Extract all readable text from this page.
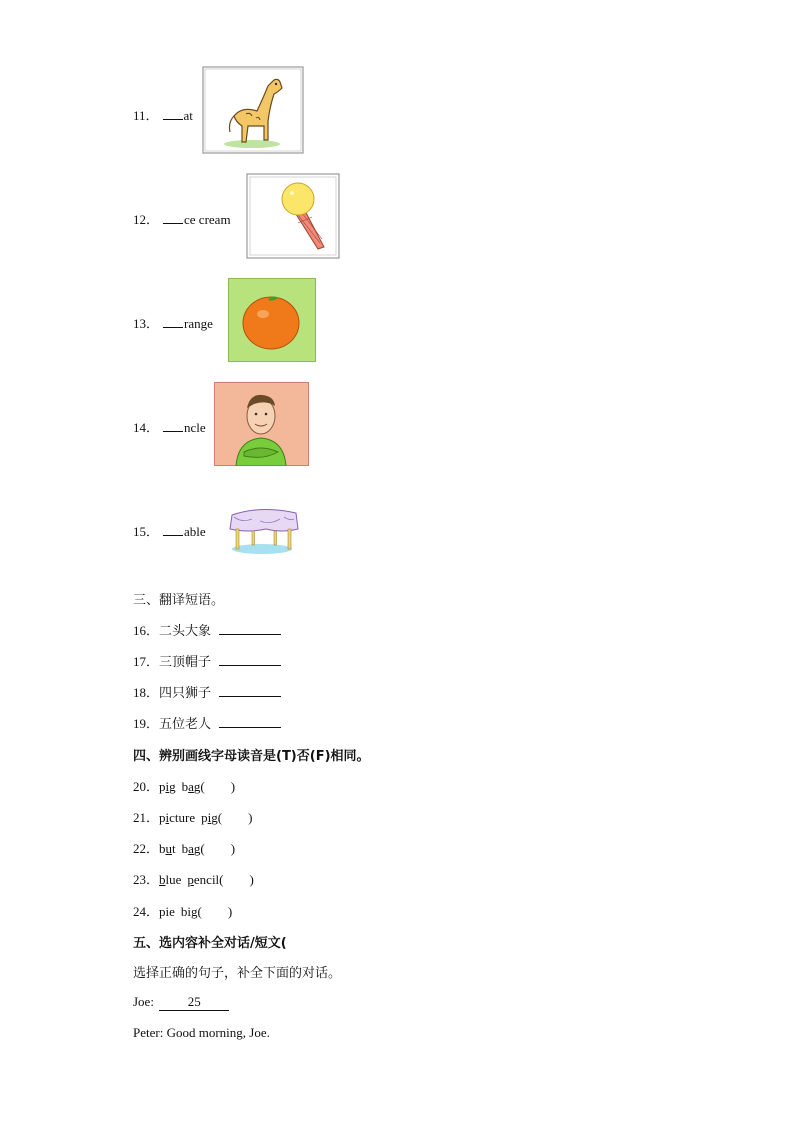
11． at
12． ce cream
13． range
14． ncle
15． able
三、翻译短语。
16．二头大象
17．三顶帽子
18．四只狮子
19．五位老人
四、辨别画线字母读音是(T)否(F)相同。
20．pig bag(　　)
21．picture pig(　　)
22．but bag(　　)
23．blue pencil(　　)
24．pie big(　　)
五、选内容补全对话/短文(
选择正确的句子，补全下面的对话。
Joe:	25
Peter: Good morning, Joe.
